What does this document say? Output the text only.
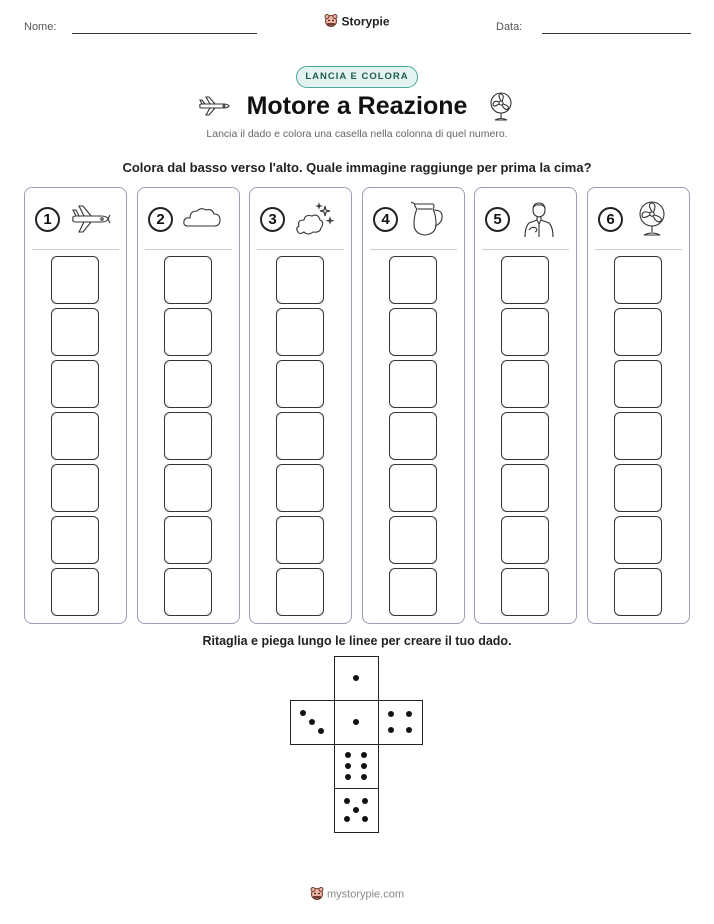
Nome:	Storypie	Data:
LANCIA E COLORA
Motore a Reazione
Lancia il dado e colora una casella nella colonna di quel numero.
Colora dal basso verso l'alto. Quale immagine raggiunge per prima la cima?
1	2	3	4	5	6
Ritaglia e piega lungo le linee per creare il tuo dado.
mystorypie.com
